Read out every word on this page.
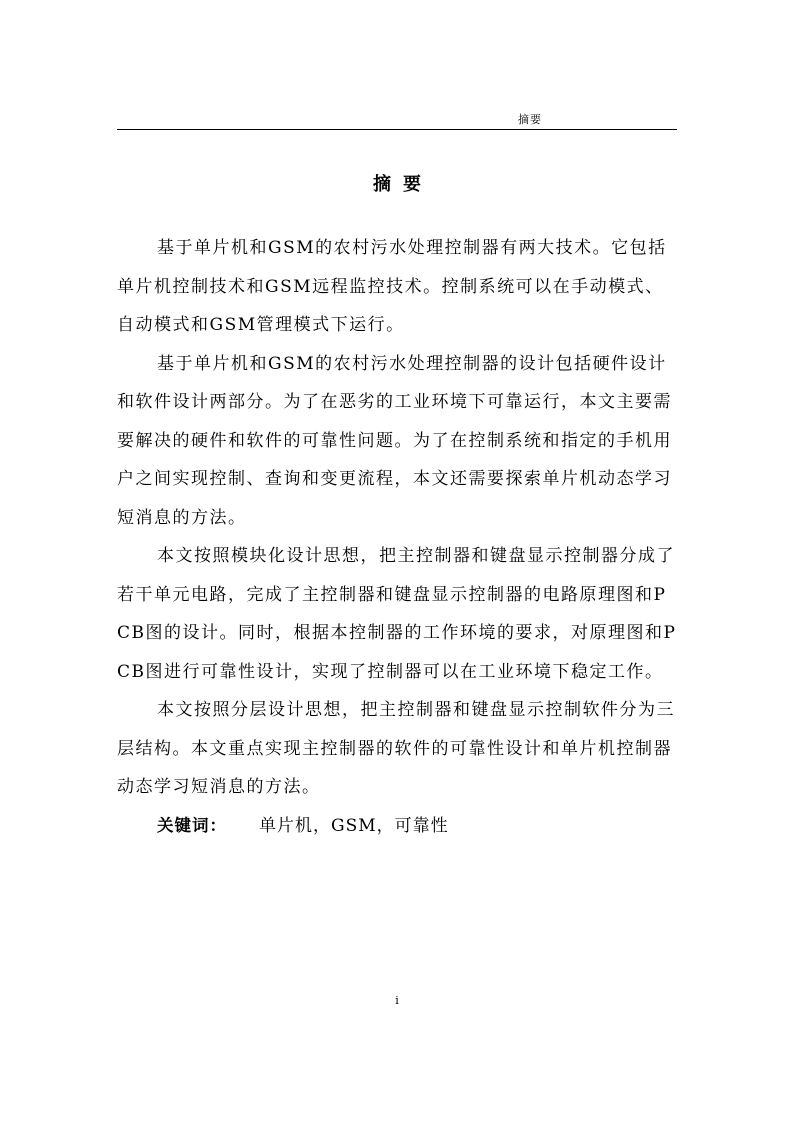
摘要
摘要

基于单片机和GSM的农村污水处理控制器有两大技术。它包括单片机控制技术和GSM远程监控技术。控制系统可以在手动模式、自动模式和GSM管理模式下运行。

基于单片机和GSM的农村污水处理控制器的设计包括硬件设计和软件设计两部分。为了在恶劣的工业环境下可靠运行，本文主要需要解决的硬件和软件的可靠性问题。为了在控制系统和指定的手机用户之间实现控制、查询和变更流程，本文还需要探索单片机动态学习短消息的方法。

本文按照模块化设计思想，把主控制器和键盘显示控制器分成了若干单元电路，完成了主控制器和键盘显示控制器的电路原理图和PCB图的设计。同时，根据本控制器的工作环境的要求，对原理图和PCB图进行可靠性设计，实现了控制器可以在工业环境下稳定工作。

本文按照分层设计思想，把主控制器和键盘显示控制软件分为三层结构。本文重点实现主控制器的软件的可靠性设计和单片机控制器动态学习短消息的方法。

关键词： 单片机，GSM，可靠性

i
